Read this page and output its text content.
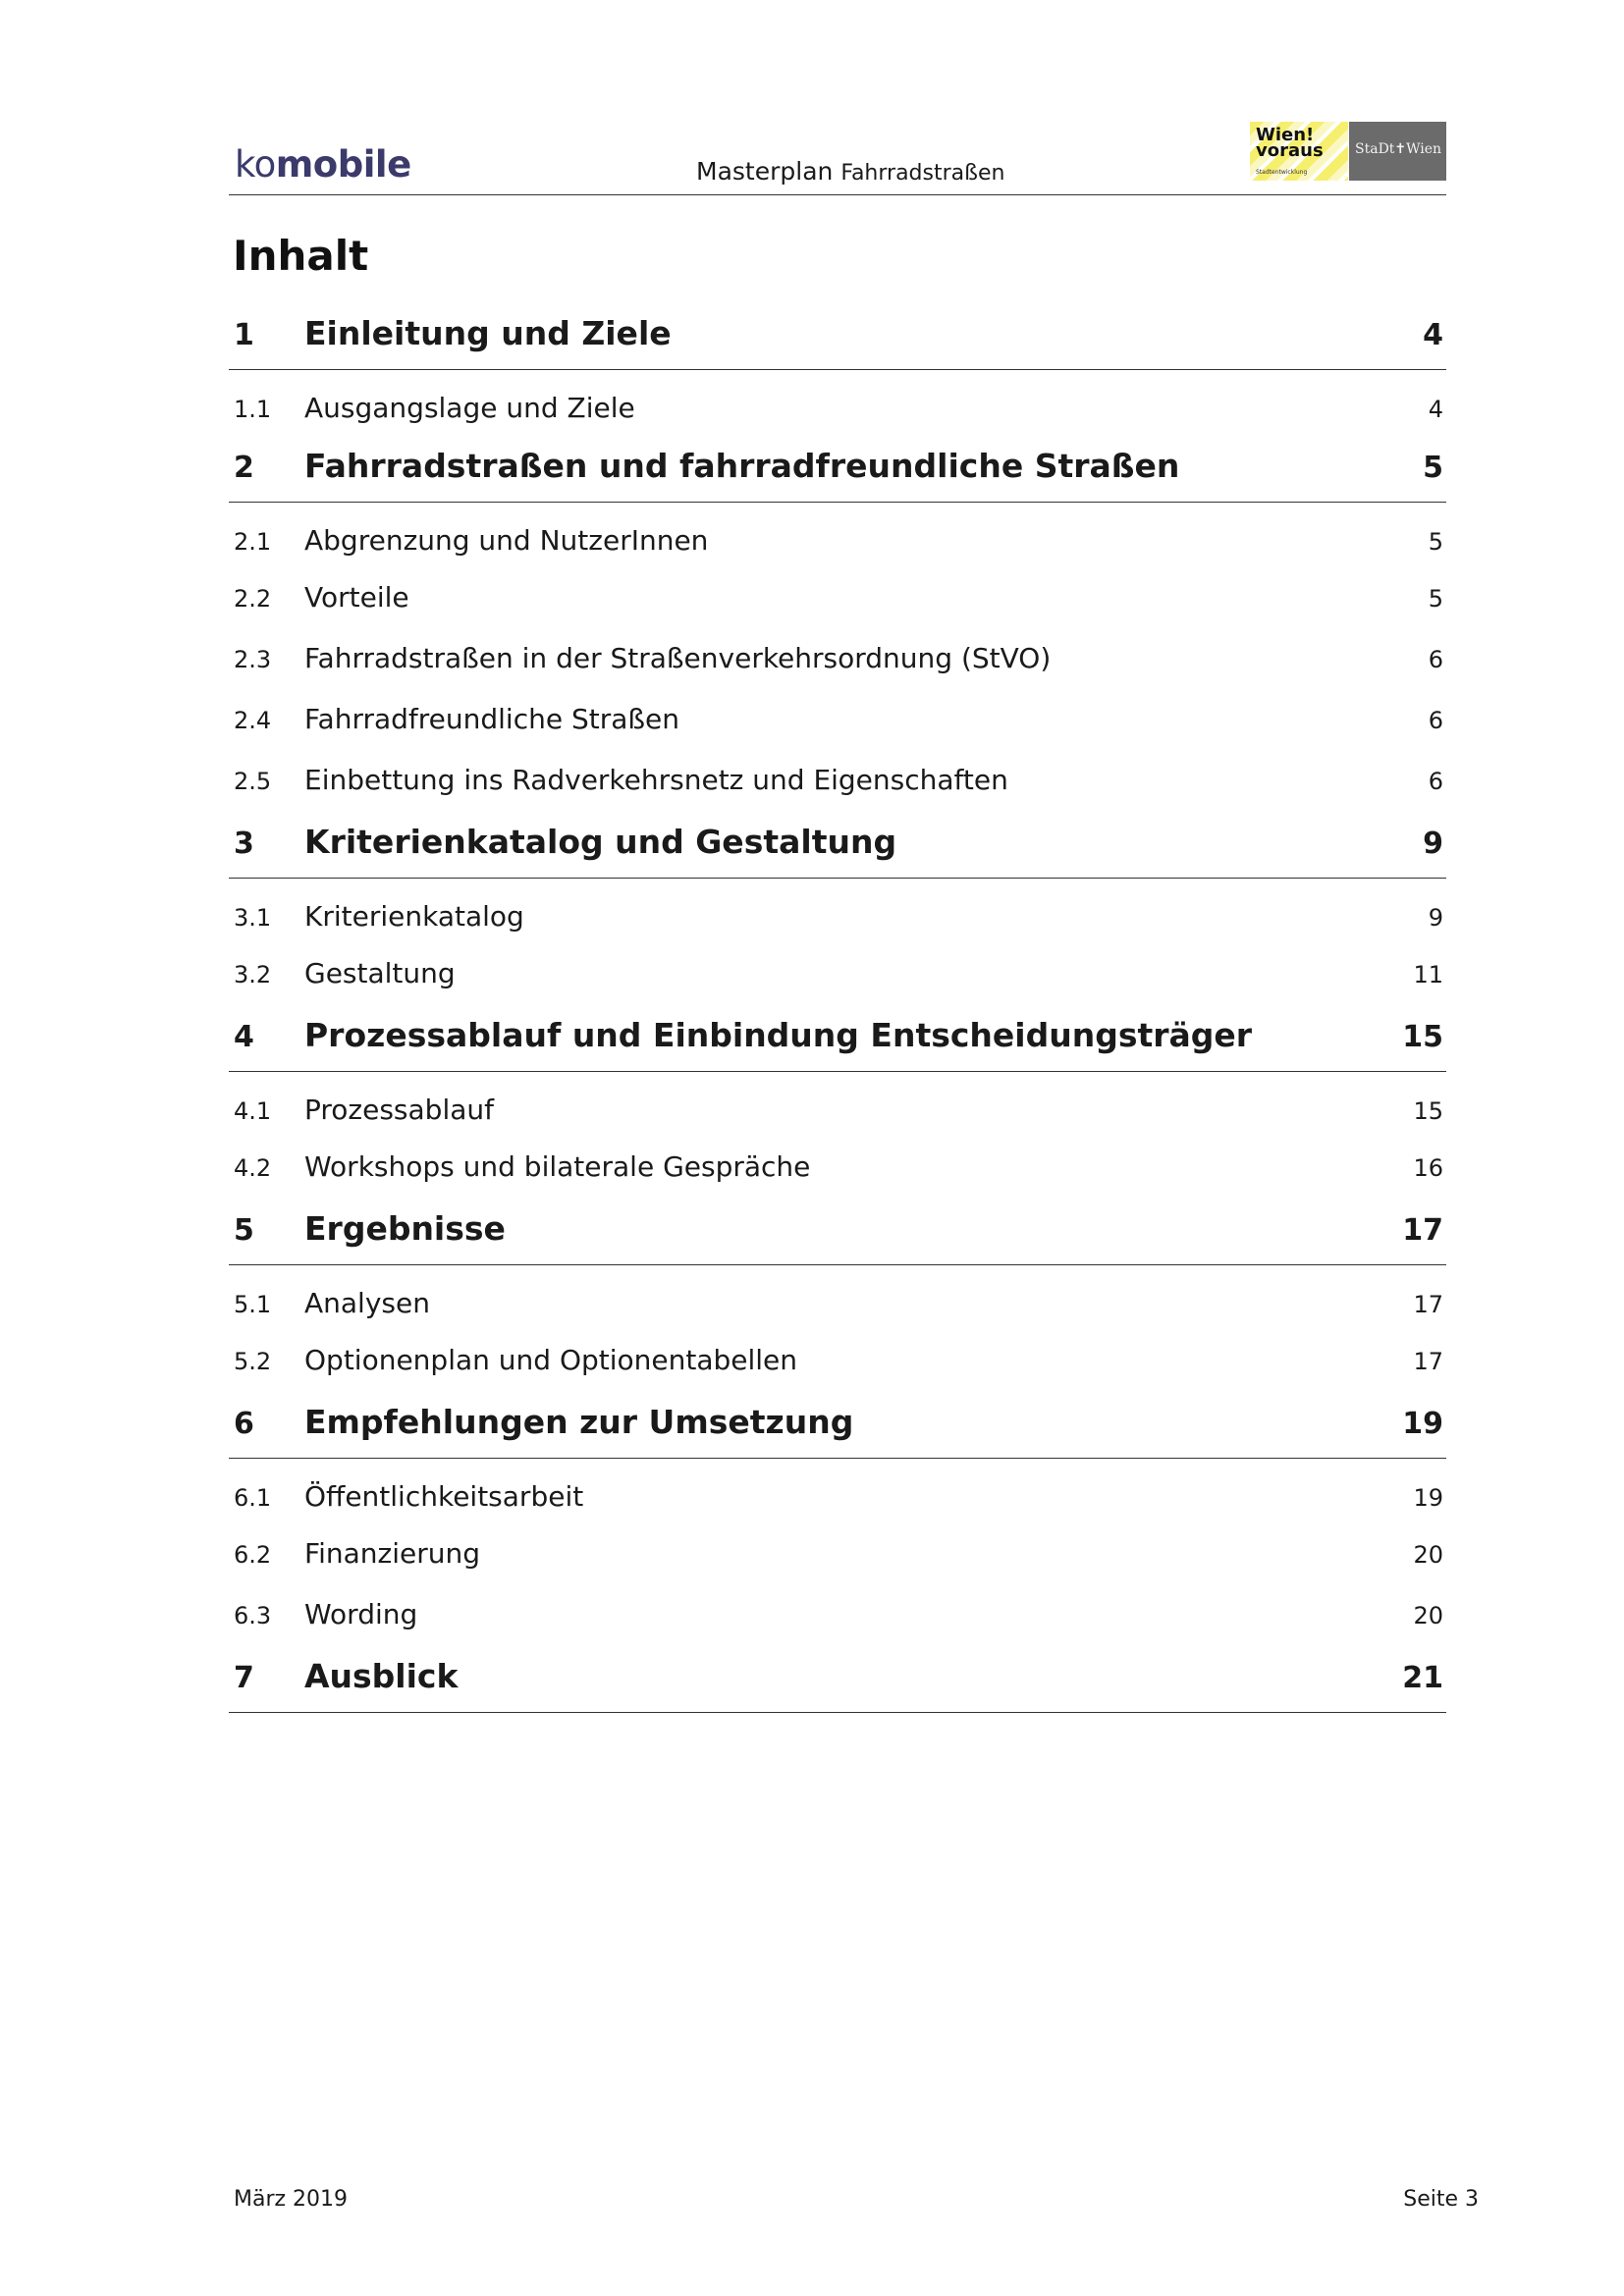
komobile	Masterplan Fahrradstraßen
Wien!
voraus
Stadtentwicklung
StaDt✝Wien
Inhalt
1 Einleitung und Ziele	4
1.1 Ausgangslage und Ziele	4
2 Fahrradstraßen und fahrradfreundliche Straßen	5
2.1 Abgrenzung und NutzerInnen	5
2.2 Vorteile	5
2.3 Fahrradstraßen in der Straßenverkehrsordnung (StVO)	6
2.4 Fahrradfreundliche Straßen	6
2.5 Einbettung ins Radverkehrsnetz und Eigenschaften	6
3 Kriterienkatalog und Gestaltung	9
3.1 Kriterienkatalog	9
3.2 Gestaltung	11
4 Prozessablauf und Einbindung Entscheidungsträger	15
4.1 Prozessablauf	15
4.2 Workshops und bilaterale Gespräche	16
5 Ergebnisse	17
5.1 Analysen	17
5.2 Optionenplan und Optionentabellen	17
6 Empfehlungen zur Umsetzung	19
6.1 Öffentlichkeitsarbeit	19
6.2 Finanzierung	20
6.3 Wording	20
7 Ausblick	21
März 2019	Seite 3
